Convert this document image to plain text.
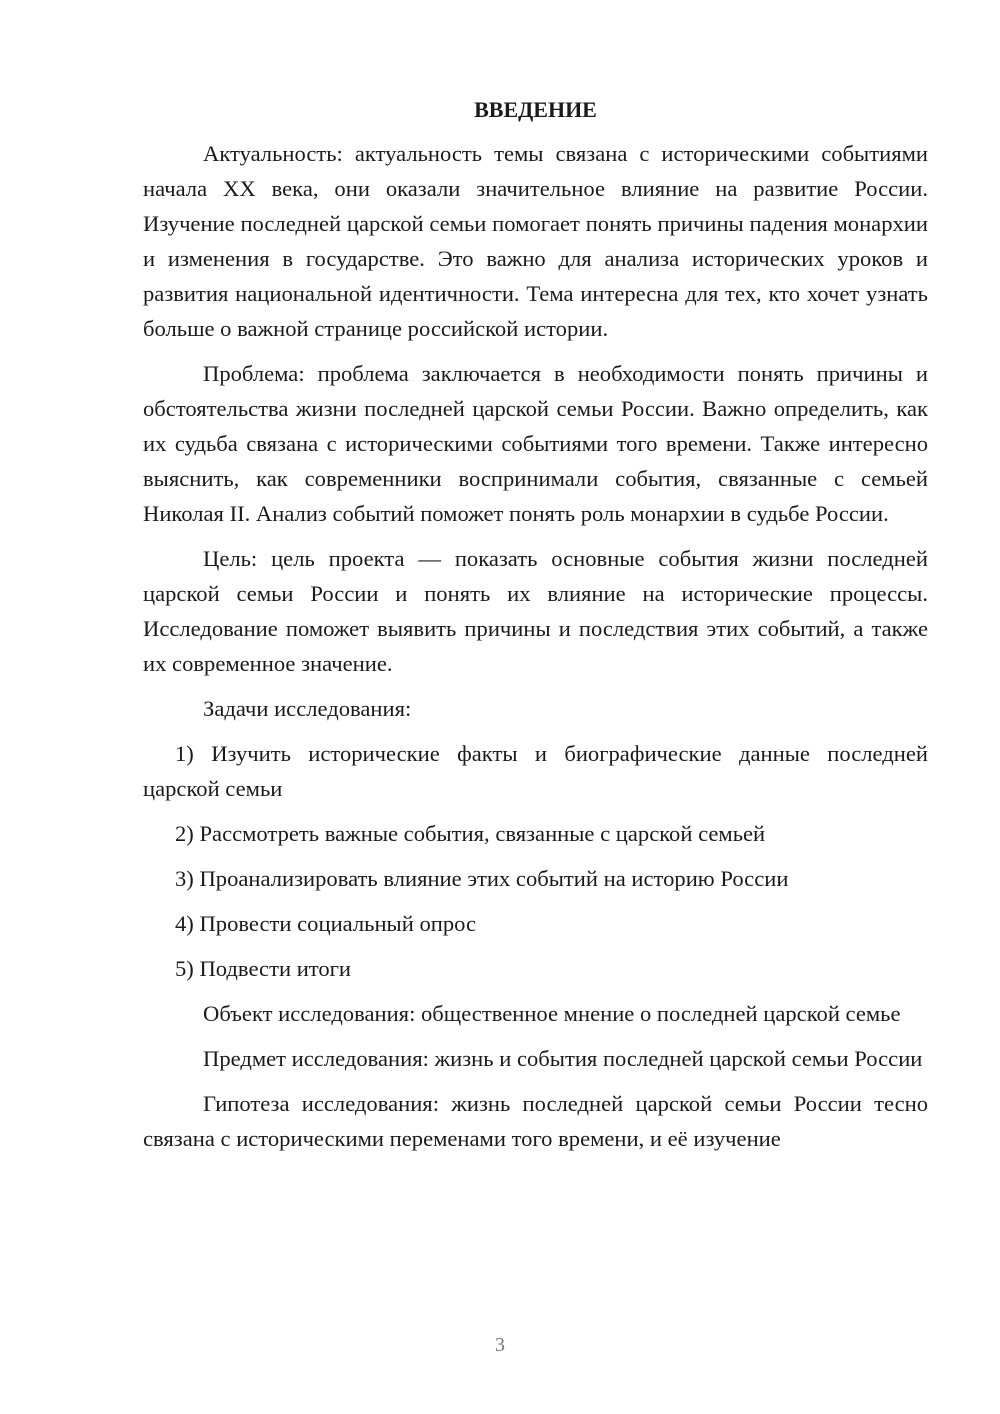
ВВЕДЕНИЕ

Актуальность: актуальность темы связана с историческими событиями начала XX века, они оказали значительное влияние на развитие России. Изучение последней царской семьи помогает понять причины падения монархии и изменения в государстве. Это важно для анализа исторических уроков и развития национальной идентичности. Тема интересна для тех, кто хочет узнать больше о важной странице российской истории.

Проблема: проблема заключается в необходимости понять причины и обстоятельства жизни последней царской семьи России. Важно определить, как их судьба связана с историческими событиями того времени. Также интересно выяснить, как современники воспринимали события, связанные с семьей Николая II. Анализ событий поможет понять роль монархии в судьбе России.

Цель: цель проекта — показать основные события жизни последней царской семьи России и понять их влияние на исторические процессы. Исследование поможет выявить причины и последствия этих событий, а также их современное значение.

Задачи исследования:

1) Изучить исторические факты и биографические данные последней царской семьи

2) Рассмотреть важные события, связанные с царской семьей

3) Проанализировать влияние этих событий на историю России

4) Провести социальный опрос

5) Подвести итоги

Объект исследования: общественное мнение о последней царской семье

Предмет исследования: жизнь и события последней царской семьи России

Гипотеза исследования: жизнь последней царской семьи России тесно связана с историческими переменами того времени, и её изучение

3
